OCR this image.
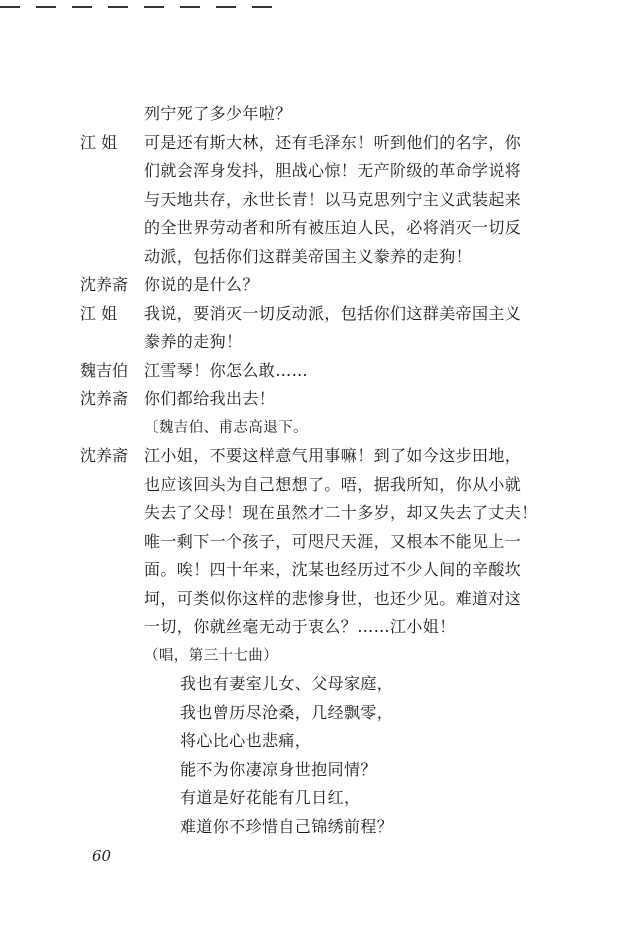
列宁死了多少年啦？
江 姐	可是还有斯大林，还有毛泽东！听到他们的名字，你
们就会浑身发抖，胆战心惊！无产阶级的革命学说将
与天地共存，永世长青！以马克思列宁主义武装起来
的全世界劳动者和所有被压迫人民，必将消灭一切反
动派，包括你们这群美帝国主义豢养的走狗！
沈养斋 你说的是什么？
江 姐	我说，要消灭一切反动派，包括你们这群美帝国主义
豢养的走狗！
魏吉伯 江雪琴！你怎么敢……
沈养斋 你们都给我出去！
〔魏吉伯、甫志高退下。
沈养斋 江小姐，不要这样意气用事嘛！到了如今这步田地，
也应该回头为自己想想了。唔，据我所知，你从小就
失去了父母！现在虽然才二十多岁，却又失去了丈夫！
唯一剩下一个孩子，可咫尺天涯，又根本不能见上一
面。唉！四十年来，沈某也经历过不少人间的辛酸坎
坷，可类似你这样的悲惨身世，也还少见。难道对这
一切，你就丝毫无动于衷么？……江小姐！
（唱，第三十七曲）
我也有妻室儿女、父母家庭，
我也曾历尽沧桑，几经飘零，
将心比心也悲痛，
能不为你凄凉身世抱同情？
有道是好花能有几日红，
难道你不珍惜自己锦绣前程？
60
